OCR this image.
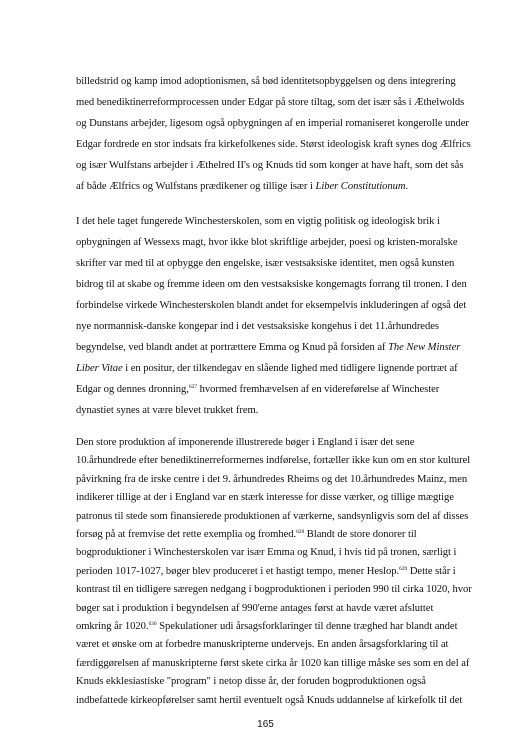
billedstrid og kamp imod adoptionismen, så bød identitetsopbyggelsen og dens integrering
med benediktinerreformprocessen under Edgar på store tiltag, som det især sås i Æthelwolds
og Dunstans arbejder, ligesom også opbygningen af en imperial romaniseret kongerolle under
Edgar fordrede en stor indsats fra kirkefolkenes side. Størst ideologisk kraft synes dog Ælfrics
og især Wulfstans arbejder i Æthelred II's og Knuds tid som konger at have haft, som det sås
af både Ælfrics og Wulfstans prædikener og tillige især i Liber Constitutionum.
I det hele taget fungerede Winchesterskolen, som en vigtig politisk og ideologisk brik i
opbygningen af Wessexs magt, hvor ikke blot skriftlige arbejder, poesi og kristen-moralske
skrifter var med til at opbygge den engelske, især vestsaksiske identitet, men også kunsten
bidrog til at skabe og fremme ideen om den vestsaksiske kongemagts forrang til tronen. I den
forbindelse virkede Winchesterskolen blandt andet for eksempelvis inkluderingen af også det
nye normannisk-danske kongepar ind i det vestsaksiske kongehus i det 11.århundredes
begyndelse, ved blandt andet at portrættere Emma og Knud på forsiden af The New Minster
Liber Vitae i en positur, der tilkendegav en slående lighed med tidligere lignende portræt af
Edgar og dennes dronning,$^{627}$ hvormed fremhævelsen af en videreførelse af Winchester
dynastiet synes at være blevet trukket frem.
Den store produktion af imponerende illustrerede bøger i England i især det sene
10.århundrede efter benediktinerreformernes indførelse, fortæller ikke kun om en stor kulturel
påvirkning fra de irske centre i det 9. århundredes Rheims og det 10.århundredes Mainz, men
indikerer tillige at der i England var en stærk interesse for disse værker, og tillige mægtige
patronus til stede som finansierede produktionen af værkerne, sandsynligvis som del af disses
forsøg på at fremvise det rette exemplia og fromhed.$^{628}$ Blandt de store donorer til
bogproduktioner i Winchesterskolen var især Emma og Knud, i hvis tid på tronen, særligt i
perioden 1017-1027, bøger blev produceret i et hastigt tempo, mener Heslop.$^{629}$ Dette står i
kontrast til en tidligere særegen nedgang i bogproduktionen i perioden 990 til cirka 1020, hvor
bøger sat i produktion i begyndelsen af 990'erne antages først at havde været afsluttet
omkring år 1020.$^{630}$ Spekulationer udi årsagsforklaringer til denne træghed har blandt andet
været et ønske om at forbedre manuskripterne undervejs. En anden årsagsforklaring til at
færdiggørelsen af manuskripterne først skete cirka år 1020 kan tillige måske ses som en del af
Knuds ekklesiastiske "program" i netop disse år, der foruden bogproduktionen også
indbefattede kirkeopførelser samt hertil eventuelt også Knuds uddannelse af kirkefolk til det
165
